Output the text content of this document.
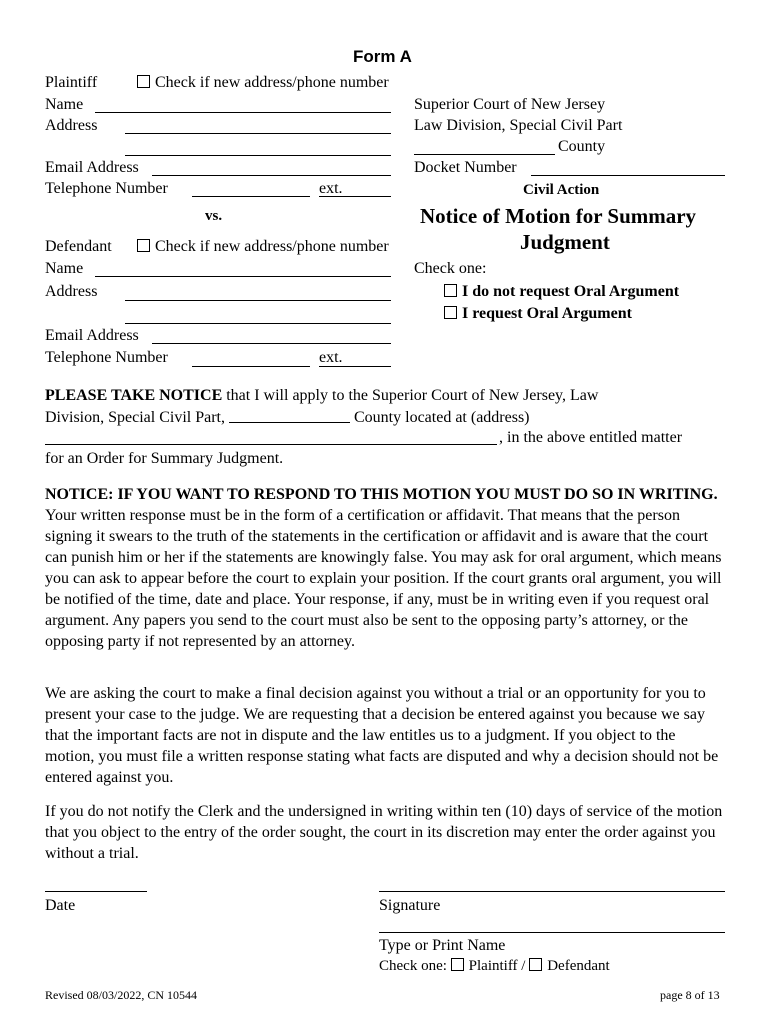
Form A
Plaintiff	Check if new address/phone number
Name
Address
Email Address
Telephone Number	ext.
vs.
Defendant	Check if new address/phone number
Name
Address
Email Address
Telephone Number	ext.
Superior Court of New Jersey
Law Division, Special Civil Part
County
Docket Number
Civil Action
Notice of Motion for Summary
Judgment
Check one:
I do not request Oral Argument
I request Oral Argument
PLEASE TAKE NOTICE that I will apply to the Superior Court of New Jersey, Law
Division, Special Civil Part,	County located at (address)
, in the above entitled matter
for an Order for Summary Judgment.
NOTICE: IF YOU WANT TO RESPOND TO THIS MOTION YOU MUST DO SO IN WRITING. Your written response must be in the form of a certification or affidavit. That means that the person signing it swears to the truth of the statements in the certification or affidavit and is aware that the court can punish him or her if the statements are knowingly false. You may ask for oral argument, which means you can ask to appear before the court to explain your position. If the court grants oral argument, you will be notified of the time, date and place. Your response, if any, must be in writing even if you request oral argument. Any papers you send to the court must also be sent to the opposing party’s attorney, or the opposing party if not represented by an attorney.
We are asking the court to make a final decision against you without a trial or an opportunity for you to present your case to the judge. We are requesting that a decision be entered against you because we say that the important facts are not in dispute and the law entitles us to a judgment. If you object to the motion, you must file a written response stating what facts are disputed and why a decision should not be entered against you.
If you do not notify the Clerk and the undersigned in writing within ten (10) days of service of the motion that you object to the entry of the order sought, the court in its discretion may enter the order against you without a trial.
Date	Signature
Type or Print Name
Check one: Plaintiff / Defendant
Revised 08/03/2022, CN 10544	page 8 of 13
